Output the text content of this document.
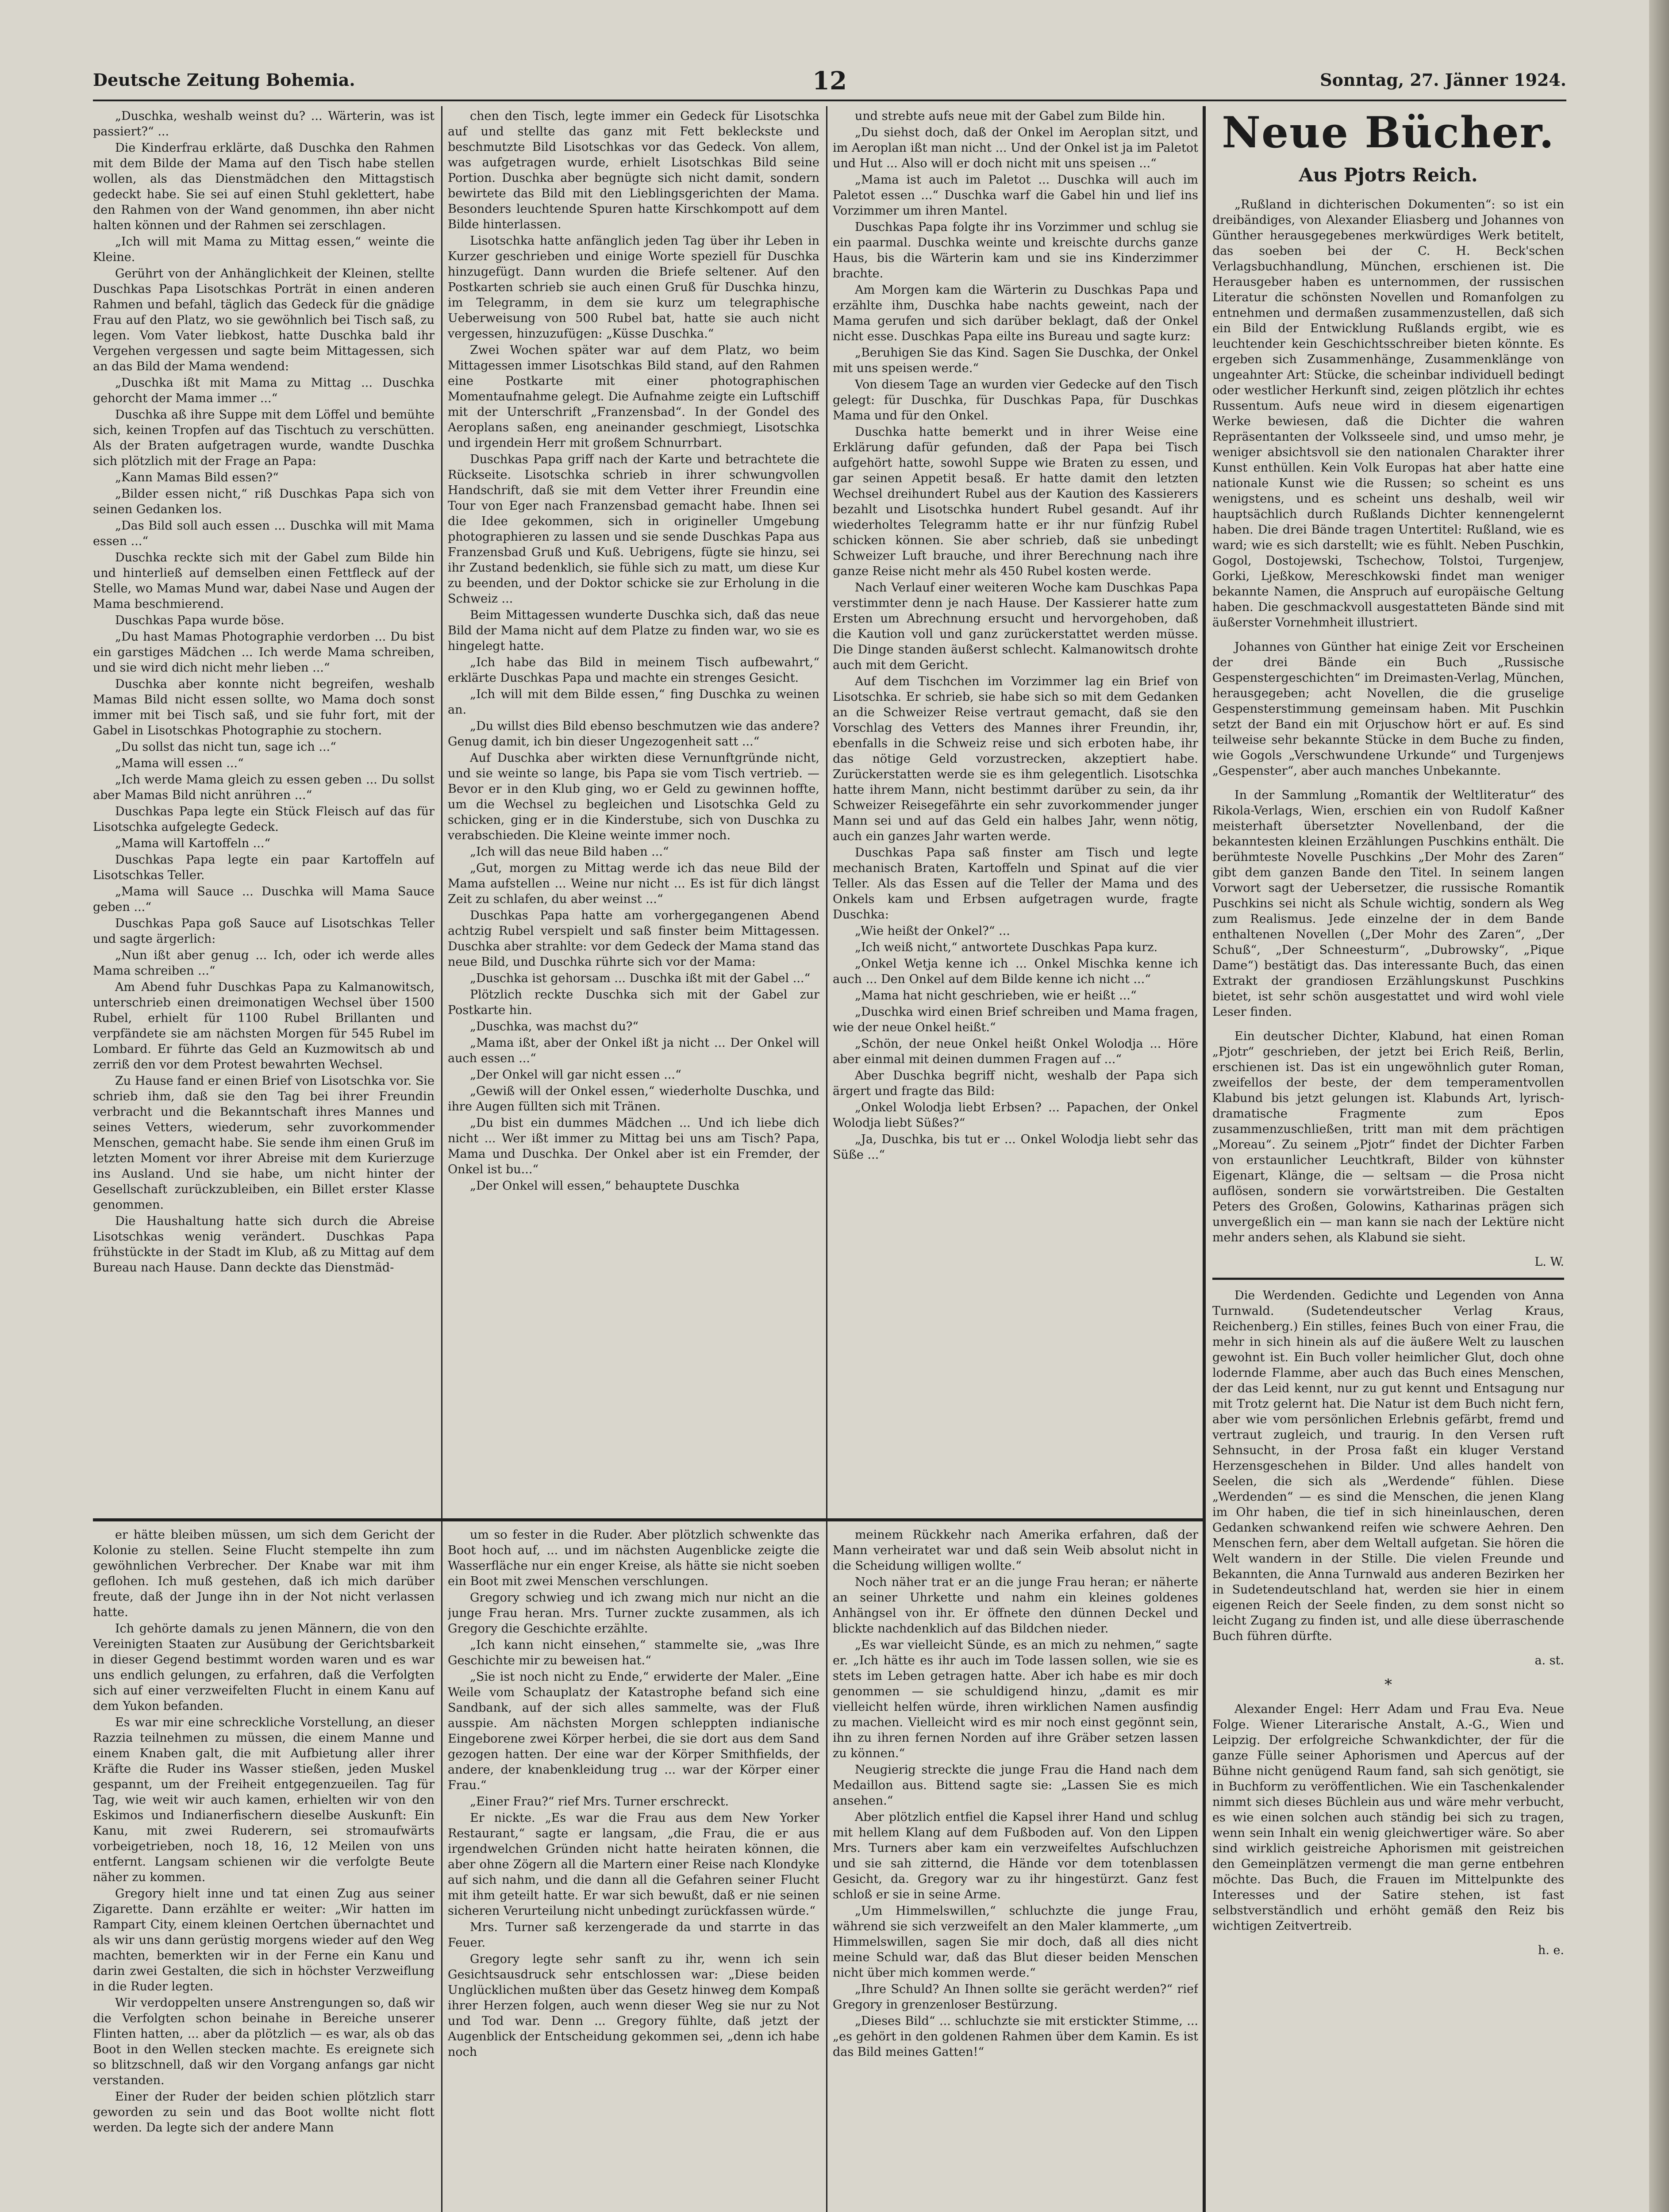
Deutsche Zeitung Bohemia.	12	Sonntag, 27. Jänner 1924.

„Duschka, weshalb weinst du? ... Wärterin, was ist passiert?“ ...

Die Kinderfrau erklärte, daß Duschka den Rahmen mit dem Bilde der Mama auf den Tisch habe stellen wollen, als das Dienstmädchen den Mittagstisch gedeckt habe. Sie sei auf einen Stuhl geklettert, habe den Rahmen von der Wand genommen, ihn aber nicht halten können und der Rahmen sei zerschlagen.

„Ich will mit Mama zu Mittag essen,“ weinte die Kleine.

Gerührt von der Anhänglichkeit der Kleinen, stellte Duschkas Papa Lisotschkas Porträt in einen anderen Rahmen und befahl, täglich das Gedeck für die gnädige Frau auf den Platz, wo sie gewöhnlich bei Tisch saß, zu legen. Vom Vater liebkost, hatte Duschka bald ihr Vergehen vergessen und sagte beim Mittagessen, sich an das Bild der Mama wendend:

„Duschka ißt mit Mama zu Mittag ... Duschka gehorcht der Mama immer ...“

Duschka aß ihre Suppe mit dem Löffel und bemühte sich, keinen Tropfen auf das Tischtuch zu verschütten. Als der Braten aufgetragen wurde, wandte Duschka sich plötzlich mit der Frage an Papa:

„Kann Mamas Bild essen?“

„Bilder essen nicht,“ riß Duschkas Papa sich von seinen Gedanken los.

„Das Bild soll auch essen ... Duschka will mit Mama essen ...“

Duschka reckte sich mit der Gabel zum Bilde hin und hinterließ auf demselben einen Fettfleck auf der Stelle, wo Mamas Mund war, dabei Nase und Augen der Mama beschmierend.

Duschkas Papa wurde böse.

„Du hast Mamas Photographie verdorben ... Du bist ein garstiges Mädchen ... Ich werde Mama schreiben, und sie wird dich nicht mehr lieben ...“

Duschka aber konnte nicht begreifen, weshalb Mamas Bild nicht essen sollte, wo Mama doch sonst immer mit bei Tisch saß, und sie fuhr fort, mit der Gabel in Lisotschkas Photographie zu stochern.

„Du sollst das nicht tun, sage ich ...“

„Mama will essen ...“

„Ich werde Mama gleich zu essen geben ... Du sollst aber Mamas Bild nicht anrühren ...“

Duschkas Papa legte ein Stück Fleisch auf das für Lisotschka aufgelegte Gedeck.

„Mama will Kartoffeln ...“

Duschkas Papa legte ein paar Kartoffeln auf Lisotschkas Teller.

„Mama will Sauce ... Duschka will Mama Sauce geben ...“

Duschkas Papa goß Sauce auf Lisotschkas Teller und sagte ärgerlich:

„Nun ißt aber genug ... Ich, oder ich werde alles Mama schreiben ...“

Am Abend fuhr Duschkas Papa zu Kalmanowitsch, unterschrieb einen dreimonatigen Wechsel über 1500 Rubel, erhielt für 1100 Rubel Brillanten und verpfändete sie am nächsten Morgen für 545 Rubel im Lombard. Er führte das Geld an Kuzmowitsch ab und zerriß den vor dem Protest bewahrten Wechsel.

Zu Hause fand er einen Brief von Lisotschka vor. Sie schrieb ihm, daß sie den Tag bei ihrer Freundin verbracht und die Bekanntschaft ihres Mannes und seines Vetters, wiederum, sehr zuvorkommender Menschen, gemacht habe. Sie sende ihm einen Gruß im letzten Moment vor ihrer Abreise mit dem Kurierzuge ins Ausland. Und sie habe, um nicht hinter der Gesellschaft zurückzubleiben, ein Billet erster Klasse genommen.

Die Haushaltung hatte sich durch die Abreise Lisotschkas wenig verändert. Duschkas Papa frühstückte in der Stadt im Klub, aß zu Mittag auf dem Bureau nach Hause. Dann deckte das Dienstmäd-

chen den Tisch, legte immer ein Gedeck für Lisotschka auf und stellte das ganz mit Fett bekleckste und beschmutzte Bild Lisotschkas vor das Gedeck. Von allem, was aufgetragen wurde, erhielt Lisotschkas Bild seine Portion. Duschka aber begnügte sich nicht damit, sondern bewirtete das Bild mit den Lieblingsgerichten der Mama. Besonders leuchtende Spuren hatte Kirschkompott auf dem Bilde hinterlassen.

Lisotschka hatte anfänglich jeden Tag über ihr Leben in Kurzer geschrieben und einige Worte speziell für Duschka hinzugefügt. Dann wurden die Briefe seltener. Auf den Postkarten schrieb sie auch einen Gruß für Duschka hinzu, im Telegramm, in dem sie kurz um telegraphische Ueberweisung von 500 Rubel bat, hatte sie auch nicht vergessen, hinzuzufügen: „Küsse Duschka.“

Zwei Wochen später war auf dem Platz, wo beim Mittagessen immer Lisotschkas Bild stand, auf den Rahmen eine Postkarte mit einer photographischen Momentaufnahme gelegt. Die Aufnahme zeigte ein Luftschiff mit der Unterschrift „Franzensbad“. In der Gondel des Aeroplans saßen, eng aneinander geschmiegt, Lisotschka und irgendein Herr mit großem Schnurrbart.

Duschkas Papa griff nach der Karte und betrachtete die Rückseite. Lisotschka schrieb in ihrer schwungvollen Handschrift, daß sie mit dem Vetter ihrer Freundin eine Tour von Eger nach Franzensbad gemacht habe. Ihnen sei die Idee gekommen, sich in origineller Umgebung photographieren zu lassen und sie sende Duschkas Papa aus Franzensbad Gruß und Kuß. Uebrigens, fügte sie hinzu, sei ihr Zustand bedenklich, sie fühle sich zu matt, um diese Kur zu beenden, und der Doktor schicke sie zur Erholung in die Schweiz ...

Beim Mittagessen wunderte Duschka sich, daß das neue Bild der Mama nicht auf dem Platze zu finden war, wo sie es hingelegt hatte.

„Ich habe das Bild in meinem Tisch aufbewahrt,“ erklärte Duschkas Papa und machte ein strenges Gesicht.

„Ich will mit dem Bilde essen,“ fing Duschka zu weinen an.

„Du willst dies Bild ebenso beschmutzen wie das andere? Genug damit, ich bin dieser Ungezogenheit satt ...“

Auf Duschka aber wirkten diese Vernunftgründe nicht, und sie weinte so lange, bis Papa sie vom Tisch vertrieb. — Bevor er in den Klub ging, wo er Geld zu gewinnen hoffte, um die Wechsel zu begleichen und Lisotschka Geld zu schicken, ging er in die Kinderstube, sich von Duschka zu verabschieden. Die Kleine weinte immer noch.

„Ich will das neue Bild haben ...“

„Gut, morgen zu Mittag werde ich das neue Bild der Mama aufstellen ... Weine nur nicht ... Es ist für dich längst Zeit zu schlafen, du aber weinst ...“

Duschkas Papa hatte am vorhergegangenen Abend achtzig Rubel verspielt und saß finster beim Mittagessen. Duschka aber strahlte: vor dem Gedeck der Mama stand das neue Bild, und Duschka rührte sich vor der Mama:

„Duschka ist gehorsam ... Duschka ißt mit der Gabel ...“

Plötzlich reckte Duschka sich mit der Gabel zur Postkarte hin.

„Duschka, was machst du?“

„Mama ißt, aber der Onkel ißt ja nicht ... Der Onkel will auch essen ...“

„Der Onkel will gar nicht essen ...“

„Gewiß will der Onkel essen,“ wiederholte Duschka, und ihre Augen füllten sich mit Tränen.

„Du bist ein dummes Mädchen ... Und ich liebe dich nicht ... Wer ißt immer zu Mittag bei uns am Tisch? Papa, Mama und Duschka. Der Onkel aber ist ein Fremder, der Onkel ist bu...“

„Der Onkel will essen,“ behauptete Duschka

und strebte aufs neue mit der Gabel zum Bilde hin.

„Du siehst doch, daß der Onkel im Aeroplan sitzt, und im Aeroplan ißt man nicht ... Und der Onkel ist ja im Paletot und Hut ... Also will er doch nicht mit uns speisen ...“

„Mama ist auch im Paletot ... Duschka will auch im Paletot essen ...“ Duschka warf die Gabel hin und lief ins Vorzimmer um ihren Mantel.

Duschkas Papa folgte ihr ins Vorzimmer und schlug sie ein paarmal. Duschka weinte und kreischte durchs ganze Haus, bis die Wärterin kam und sie ins Kinderzimmer brachte.

Am Morgen kam die Wärterin zu Duschkas Papa und erzählte ihm, Duschka habe nachts geweint, nach der Mama gerufen und sich darüber beklagt, daß der Onkel nicht esse. Duschkas Papa eilte ins Bureau und sagte kurz:

„Beruhigen Sie das Kind. Sagen Sie Duschka, der Onkel mit uns speisen werde.“

Von diesem Tage an wurden vier Gedecke auf den Tisch gelegt: für Duschka, für Duschkas Papa, für Duschkas Mama und für den Onkel.

Duschka hatte bemerkt und in ihrer Weise eine Erklärung dafür gefunden, daß der Papa bei Tisch aufgehört hatte, sowohl Suppe wie Braten zu essen, und gar seinen Appetit besaß. Er hatte damit den letzten Wechsel dreihundert Rubel aus der Kaution des Kassierers bezahlt und Lisotschka hundert Rubel gesandt. Auf ihr wiederholtes Telegramm hatte er ihr nur fünfzig Rubel schicken können. Sie aber schrieb, daß sie unbedingt Schweizer Luft brauche, und ihrer Berechnung nach ihre ganze Reise nicht mehr als 450 Rubel kosten werde.

Nach Verlauf einer weiteren Woche kam Duschkas Papa verstimmter denn je nach Hause. Der Kassierer hatte zum Ersten um Abrechnung ersucht und hervorgehoben, daß die Kaution voll und ganz zurückerstattet werden müsse. Die Dinge standen äußerst schlecht. Kalmanowitsch drohte auch mit dem Gericht.

Auf dem Tischchen im Vorzimmer lag ein Brief von Lisotschka. Er schrieb, sie habe sich so mit dem Gedanken an die Schweizer Reise vertraut gemacht, daß sie den Vorschlag des Vetters des Mannes ihrer Freundin, ihr, ebenfalls in die Schweiz reise und sich erboten habe, ihr das nötige Geld vorzustrecken, akzeptiert habe. Zurückerstatten werde sie es ihm gelegentlich. Lisotschka hatte ihrem Mann, nicht bestimmt darüber zu sein, da ihr Schweizer Reisegefährte ein sehr zuvorkommender junger Mann sei und auf das Geld ein halbes Jahr, wenn nötig, auch ein ganzes Jahr warten werde.

Duschkas Papa saß finster am Tisch und legte mechanisch Braten, Kartoffeln und Spinat auf die vier Teller. Als das Essen auf die Teller der Mama und des Onkels kam und Erbsen aufgetragen wurde, fragte Duschka:

„Wie heißt der Onkel?“ ...

„Ich weiß nicht,“ antwortete Duschkas Papa kurz.

„Onkel Wetja kenne ich ... Onkel Mischka kenne ich auch ... Den Onkel auf dem Bilde kenne ich nicht ...“

„Mama hat nicht geschrieben, wie er heißt ...“

„Duschka wird einen Brief schreiben und Mama fragen, wie der neue Onkel heißt.“

„Schön, der neue Onkel heißt Onkel Wolodja ... Höre aber einmal mit deinen dummen Fragen auf ...“

Aber Duschka begriff nicht, weshalb der Papa sich ärgert und fragte das Bild:

„Onkel Wolodja liebt Erbsen? ... Papachen, der Onkel Wolodja liebt Süßes?“

„Ja, Duschka, bis tut er ... Onkel Wolodja liebt sehr das Süße ...“

er hätte bleiben müssen, um sich dem Gericht der Kolonie zu stellen. Seine Flucht stempelte ihn zum gewöhnlichen Verbrecher. Der Knabe war mit ihm geflohen. Ich muß gestehen, daß ich mich darüber freute, daß der Junge ihn in der Not nicht verlassen hatte.

Ich gehörte damals zu jenen Männern, die von den Vereinigten Staaten zur Ausübung der Gerichtsbarkeit in dieser Gegend bestimmt worden waren und es war uns endlich gelungen, zu erfahren, daß die Verfolgten sich auf einer verzweifelten Flucht in einem Kanu auf dem Yukon befanden.

Es war mir eine schreckliche Vorstellung, an dieser Razzia teilnehmen zu müssen, die einem Manne und einem Knaben galt, die mit Aufbietung aller ihrer Kräfte die Ruder ins Wasser stießen, jeden Muskel gespannt, um der Freiheit entgegenzueilen. Tag für Tag, wie weit wir auch kamen, erhielten wir von den Eskimos und Indianerfischern dieselbe Auskunft: Ein Kanu, mit zwei Ruderern, sei stromaufwärts vorbeigetrieben, noch 18, 16, 12 Meilen von uns entfernt. Langsam schienen wir die verfolgte Beute näher zu kommen.

Gregory hielt inne und tat einen Zug aus seiner Zigarette. Dann erzählte er weiter: „Wir hatten im Rampart City, einem kleinen Oertchen übernachtet und als wir uns dann gerüstig morgens wieder auf den Weg machten, bemerkten wir in der Ferne ein Kanu und darin zwei Gestalten, die sich in höchster Verzweiflung in die Ruder legten.

Wir verdoppelten unsere Anstrengungen so, daß wir die Verfolgten schon beinahe in Bereiche unserer Flinten hatten, ... aber da plötzlich — es war, als ob das Boot in den Wellen stecken machte. Es ereignete sich so blitzschnell, daß wir den Vorgang anfangs gar nicht verstanden.

Einer der Ruder der beiden schien plötzlich starr geworden zu sein und das Boot wollte nicht flott werden. Da legte sich der andere Mann

um so fester in die Ruder. Aber plötzlich schwenkte das Boot hoch auf, ... und im nächsten Augenblicke zeigte die Wasserfläche nur ein enger Kreise, als hätte sie nicht soeben ein Boot mit zwei Menschen verschlungen.

Gregory schwieg und ich zwang mich nur nicht an die junge Frau heran. Mrs. Turner zuckte zusammen, als ich Gregory die Geschichte erzählte.

„Ich kann nicht einsehen,“ stammelte sie, „was Ihre Geschichte mir zu beweisen hat.“

„Sie ist noch nicht zu Ende,“ erwiderte der Maler. „Eine Weile vom Schauplatz der Katastrophe befand sich eine Sandbank, auf der sich alles sammelte, was der Fluß ausspie. Am nächsten Morgen schleppten indianische Eingeborene zwei Körper herbei, die sie dort aus dem Sand gezogen hatten. Der eine war der Körper Smithfields, der andere, der knabenkleidung trug ... war der Körper einer Frau.“

„Einer Frau?“ rief Mrs. Turner erschreckt.

Er nickte. „Es war die Frau aus dem New Yorker Restaurant,“ sagte er langsam, „die Frau, die er aus irgendwelchen Gründen nicht hatte heiraten können, die aber ohne Zögern all die Martern einer Reise nach Klondyke auf sich nahm, und die dann all die Gefahren seiner Flucht mit ihm geteilt hatte. Er war sich bewußt, daß er nie seinen sicheren Verurteilung nicht unbedingt zurückfassen würde.“

Mrs. Turner saß kerzengerade da und starrte in das Feuer.

Gregory legte sehr sanft zu ihr, wenn ich sein Gesichtsausdruck sehr entschlossen war: „Diese beiden Unglücklichen mußten über das Gesetz hinweg dem Kompaß ihrer Herzen folgen, auch wenn dieser Weg sie nur zu Not und Tod war. Denn ... Gregory fühlte, daß jetzt der Augenblick der Entscheidung gekommen sei, „denn ich habe noch

meinem Rückkehr nach Amerika erfahren, daß der Mann verheiratet war und daß sein Weib absolut nicht in die Scheidung willigen wollte.“

Noch näher trat er an die junge Frau heran; er näherte an seiner Uhrkette und nahm ein kleines goldenes Anhängsel von ihr. Er öffnete den dünnen Deckel und blickte nachdenklich auf das Bildchen nieder.

„Es war vielleicht Sünde, es an mich zu nehmen,“ sagte er. „Ich hätte es ihr auch im Tode lassen sollen, wie sie es stets im Leben getragen hatte. Aber ich habe es mir doch genommen — sie schuldigend hinzu, „damit es mir vielleicht helfen würde, ihren wirklichen Namen ausfindig zu machen. Vielleicht wird es mir noch einst gegönnt sein, ihn zu ihren fernen Norden auf ihre Gräber setzen lassen zu können.“

Neugierig streckte die junge Frau die Hand nach dem Medaillon aus. Bittend sagte sie: „Lassen Sie es mich ansehen.“

Aber plötzlich entfiel die Kapsel ihrer Hand und schlug mit hellem Klang auf dem Fußboden auf. Von den Lippen Mrs. Turners aber kam ein verzweifeltes Aufschluchzen und sie sah zitternd, die Hände vor dem totenblassen Gesicht, da. Gregory war zu ihr hingestürzt. Ganz fest schloß er sie in seine Arme.

„Um Himmelswillen,“ schluchzte die junge Frau, während sie sich verzweifelt an den Maler klammerte, „um Himmelswillen, sagen Sie mir doch, daß all dies nicht meine Schuld war, daß das Blut dieser beiden Menschen nicht über mich kommen werde.“

„Ihre Schuld? An Ihnen sollte sie gerächt werden?“ rief Gregory in grenzenloser Bestürzung.

„Dieses Bild“ ... schluchzte sie mit erstickter Stimme, ... „es gehört in den goldenen Rahmen über dem Kamin. Es ist das Bild meines Gatten!“

Neue Bücher.
Aus Pjotrs Reich.

„Rußland in dichterischen Dokumenten“: so ist ein dreibändiges, von Alexander Eliasberg und Johannes von Günther herausgegebenes merkwürdiges Werk betitelt, das soeben bei der C. H. Beck'schen Verlagsbuchhandlung, München, erschienen ist. Die Herausgeber haben es unternommen, der russischen Literatur die schönsten Novellen und Romanfolgen zu entnehmen und dermaßen zusammenzustellen, daß sich ein Bild der Entwicklung Rußlands ergibt, wie es leuchtender kein Geschichtsschreiber bieten könnte. Es ergeben sich Zusammenhänge, Zusammenklänge von ungeahnter Art: Stücke, die scheinbar individuell bedingt oder westlicher Herkunft sind, zeigen plötzlich ihr echtes Russentum. Aufs neue wird in diesem eigenartigen Werke bewiesen, daß die Dichter die wahren Repräsentanten der Volksseele sind, und umso mehr, je weniger absichtsvoll sie den nationalen Charakter ihrer Kunst enthüllen. Kein Volk Europas hat aber hatte eine nationale Kunst wie die Russen; so scheint es uns wenigstens, und es scheint uns deshalb, weil wir hauptsächlich durch Rußlands Dichter kennengelernt haben. Die drei Bände tragen Untertitel: Rußland, wie es ward; wie es sich darstellt; wie es fühlt. Neben Puschkin, Gogol, Dostojewski, Tschechow, Tolstoi, Turgenjew, Gorki, Ljeßkow, Mereschkowski findet man weniger bekannte Namen, die Anspruch auf europäische Geltung haben. Die geschmackvoll ausgestatteten Bände sind mit äußerster Vornehmheit illustriert.

Johannes von Günther hat einige Zeit vor Erscheinen der drei Bände ein Buch „Russische Gespenstergeschichten“ im Dreimasten-Verlag, München, herausgegeben; acht Novellen, die die gruselige Gespensterstimmung gemeinsam haben. Mit Puschkin setzt der Band ein mit Orjuschow hört er auf. Es sind teilweise sehr bekannte Stücke in dem Buche zu finden, wie Gogols „Verschwundene Urkunde“ und Turgenjews „Gespenster“, aber auch manches Unbekannte.

In der Sammlung „Romantik der Weltliteratur“ des Rikola-Verlags, Wien, erschien ein von Rudolf Kaßner meisterhaft übersetzter Novellenband, der die bekanntesten kleinen Erzählungen Puschkins enthält. Die berühmteste Novelle Puschkins „Der Mohr des Zaren“ gibt dem ganzen Bande den Titel. In seinem langen Vorwort sagt der Uebersetzer, die russische Romantik Puschkins sei nicht als Schule wichtig, sondern als Weg zum Realismus. Jede einzelne der in dem Bande enthaltenen Novellen („Der Mohr des Zaren“, „Der Schuß“, „Der Schneesturm“, „Dubrowsky“, „Pique Dame“) bestätigt das. Das interessante Buch, das einen Extrakt der grandiosen Erzählungskunst Puschkins bietet, ist sehr schön ausgestattet und wird wohl viele Leser finden.

Ein deutscher Dichter, Klabund, hat einen Roman „Pjotr“ geschrieben, der jetzt bei Erich Reiß, Berlin, erschienen ist. Das ist ein ungewöhnlich guter Roman, zweifellos der beste, der dem temperamentvollen Klabund bis jetzt gelungen ist. Klabunds Art, lyrisch-dramatische Fragmente zum Epos zusammenzuschließen, tritt man mit dem prächtigen „Moreau“. Zu seinem „Pjotr“ findet der Dichter Farben von erstaunlicher Leuchtkraft, Bilder von kühnster Eigenart, Klänge, die — seltsam — die Prosa nicht auflösen, sondern sie vorwärtstreiben. Die Gestalten Peters des Großen, Golowins, Katharinas prägen sich unvergeßlich ein — man kann sie nach der Lektüre nicht mehr anders sehen, als Klabund sie sieht.

L. W.

Die Werdenden. Gedichte und Legenden von Anna Turnwald. (Sudetendeutscher Verlag Kraus, Reichenberg.) Ein stilles, feines Buch von einer Frau, die mehr in sich hinein als auf die äußere Welt zu lauschen gewohnt ist. Ein Buch voller heimlicher Glut, doch ohne lodernde Flamme, aber auch das Buch eines Menschen, der das Leid kennt, nur zu gut kennt und Entsagung nur mit Trotz gelernt hat. Die Natur ist dem Buch nicht fern, aber wie vom persönlichen Erlebnis gefärbt, fremd und vertraut zugleich, und traurig. In den Versen ruft Sehnsucht, in der Prosa faßt ein kluger Verstand Herzensgeschehen in Bilder. Und alles handelt von Seelen, die sich als „Werdende“ fühlen. Diese „Werdenden“ — es sind die Menschen, die jenen Klang im Ohr haben, die tief in sich hineinlauschen, deren Gedanken schwankend reifen wie schwere Aehren. Den Menschen fern, aber dem Weltall aufgetan. Sie hören die Welt wandern in der Stille. Die vielen Freunde und Bekannten, die Anna Turnwald aus anderen Bezirken her in Sudetendeutschland hat, werden sie hier in einem eigenen Reich der Seele finden, zu dem sonst nicht so leicht Zugang zu finden ist, und alle diese überraschende Buch führen dürfte.

a. st.
*

Alexander Engel: Herr Adam und Frau Eva. Neue Folge. Wiener Literarische Anstalt, A.-G., Wien und Leipzig. Der erfolgreiche Schwankdichter, der für die ganze Fülle seiner Aphorismen und Apercus auf der Bühne nicht genügend Raum fand, sah sich genötigt, sie in Buchform zu veröffentlichen. Wie ein Taschenkalender nimmt sich dieses Büchlein aus und wäre mehr verbucht, es wie einen solchen auch ständig bei sich zu tragen, wenn sein Inhalt ein wenig gleichwertiger wäre. So aber sind wirklich geistreiche Aphorismen mit geistreichen den Gemeinplätzen vermengt die man gerne entbehren möchte. Das Buch, die Frauen im Mittelpunkte des Interesses und der Satire stehen, ist fast selbstverständlich und erhöht gemäß den Reiz bis wichtigen Zeitvertreib.

h. e.
